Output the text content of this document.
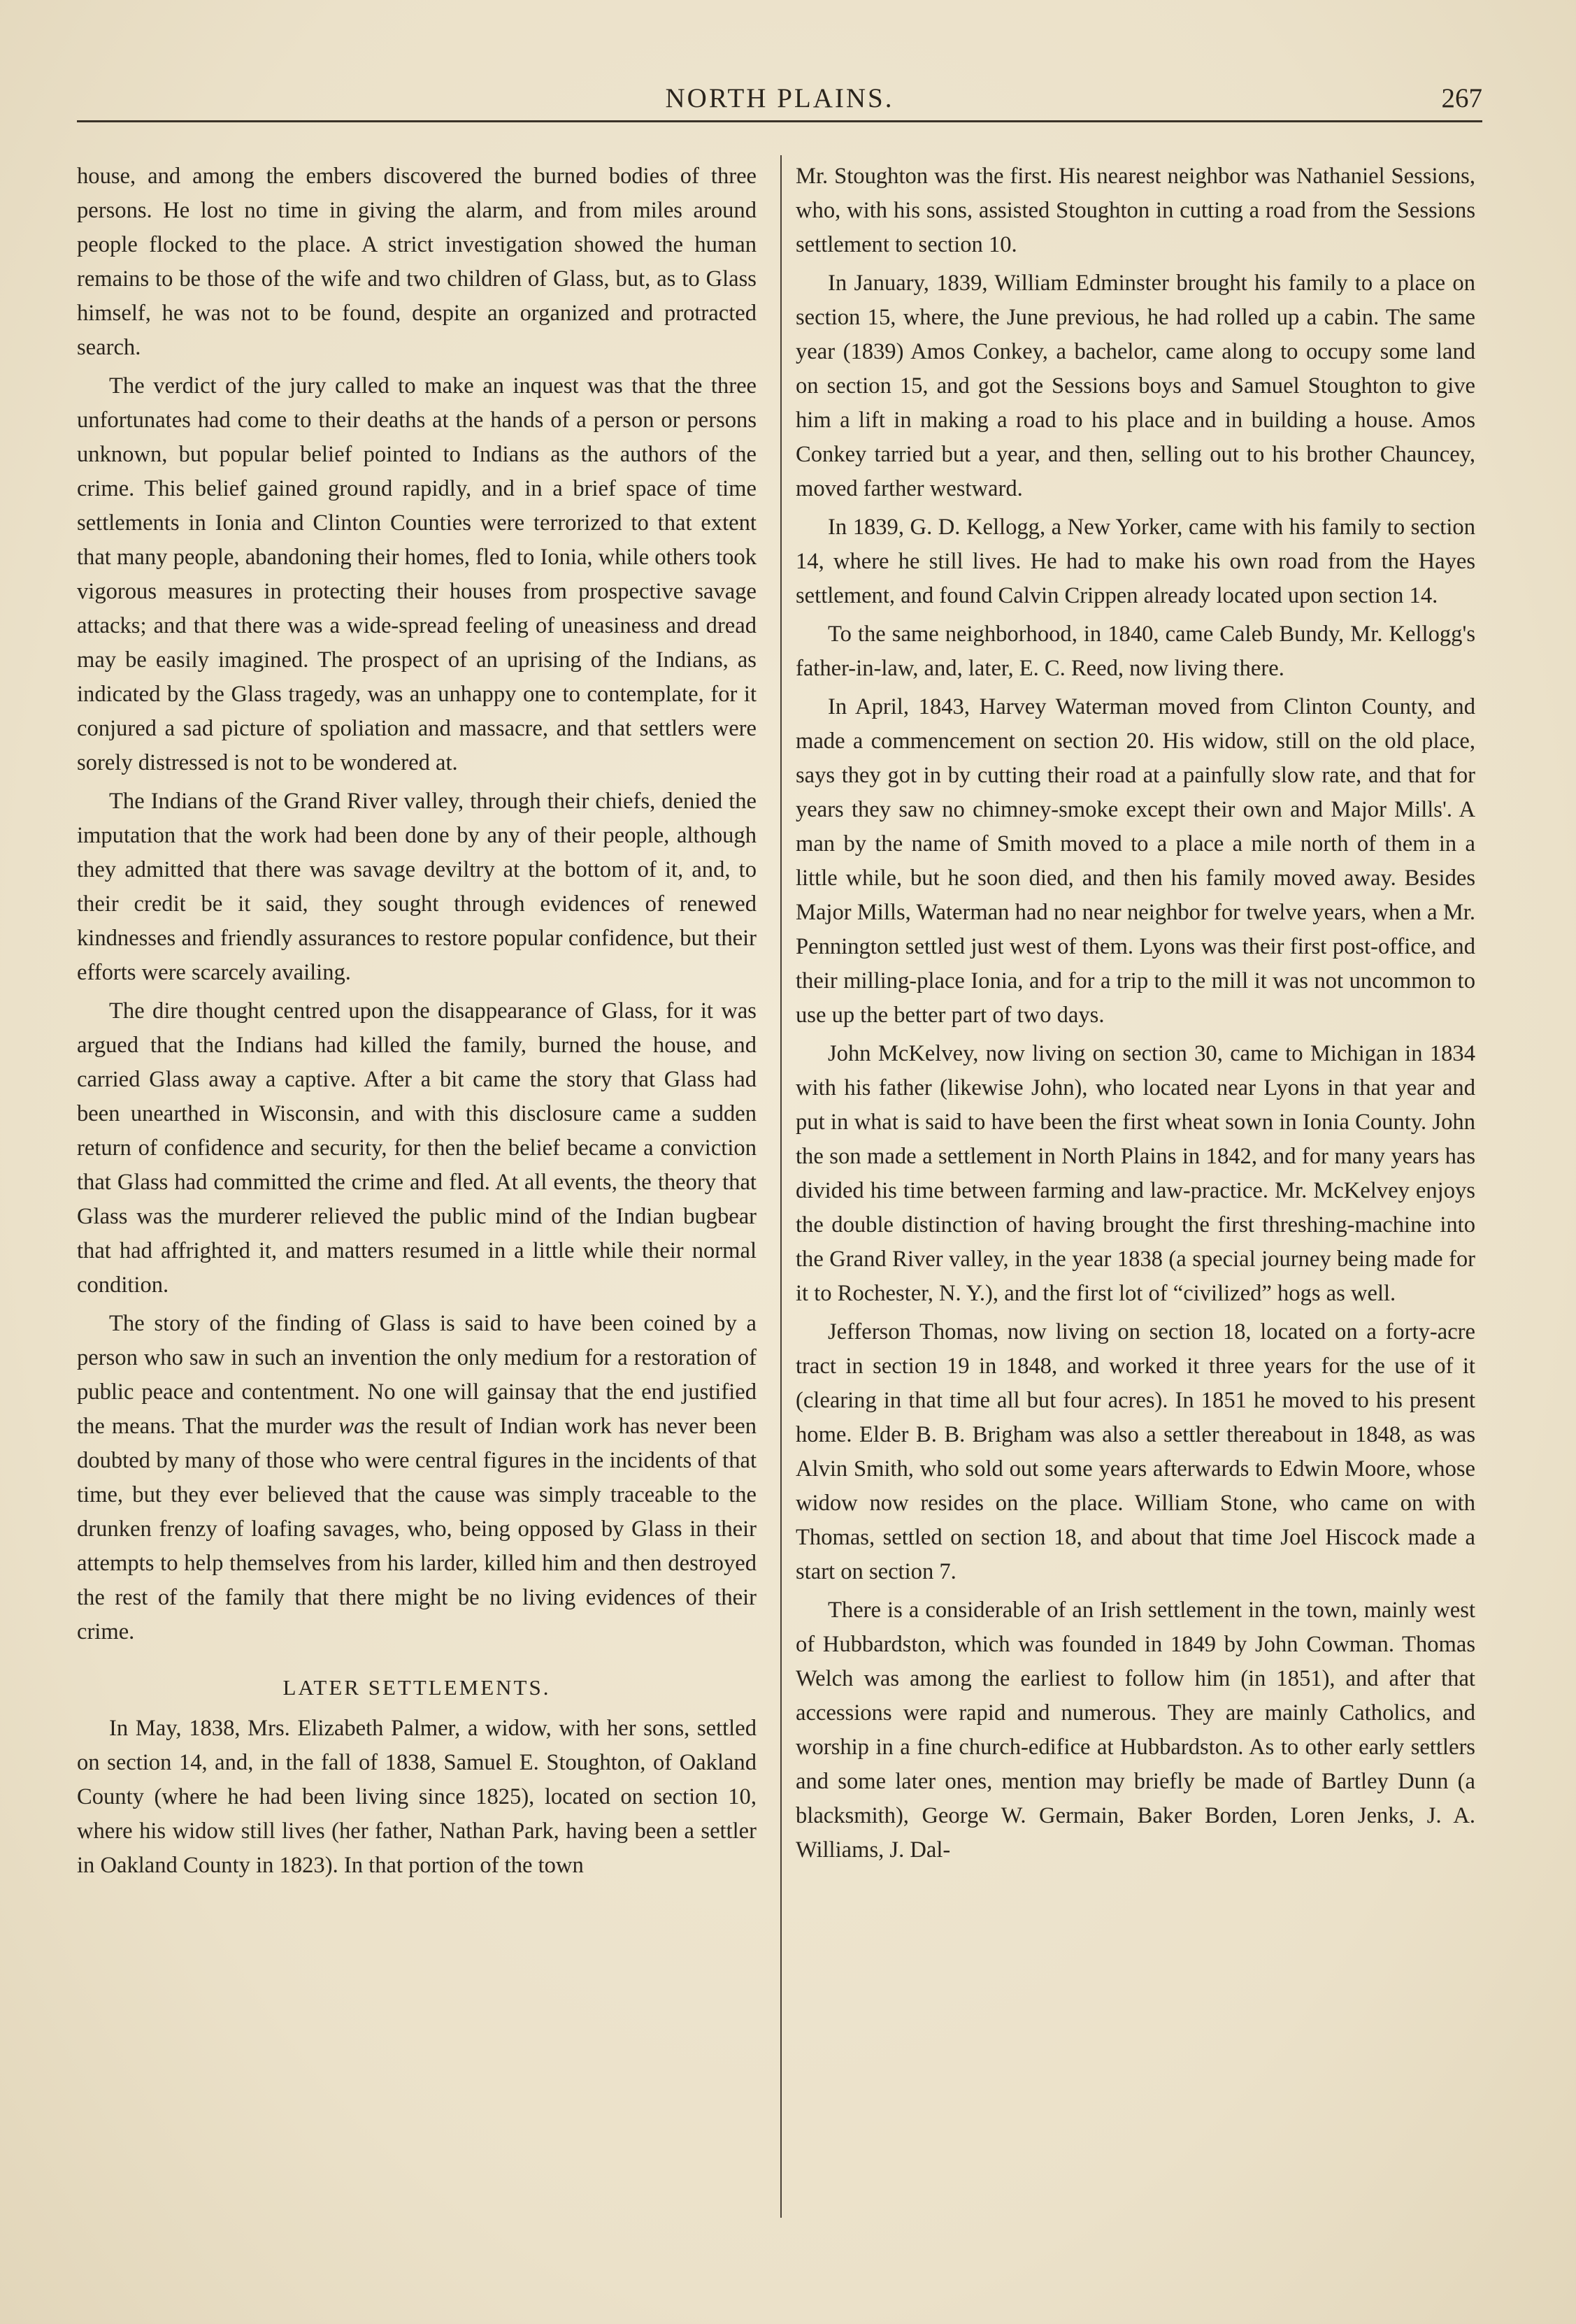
NORTH PLAINS.	267

house, and among the embers discovered the burned bodies of three persons. He lost no time in giving the alarm, and from miles around people flocked to the place. A strict investigation showed the human remains to be those of the wife and two children of Glass, but, as to Glass himself, he was not to be found, despite an organized and protracted search.

The verdict of the jury called to make an inquest was that the three unfortunates had come to their deaths at the hands of a person or persons unknown, but popular belief pointed to Indians as the authors of the crime. This belief gained ground rapidly, and in a brief space of time settlements in Ionia and Clinton Counties were terrorized to that extent that many people, abandoning their homes, fled to Ionia, while others took vigorous measures in protecting their houses from prospective savage attacks; and that there was a wide-spread feeling of uneasiness and dread may be easily imagined. The prospect of an uprising of the Indians, as indicated by the Glass tragedy, was an unhappy one to contemplate, for it conjured a sad picture of spoliation and massacre, and that settlers were sorely distressed is not to be wondered at.

The Indians of the Grand River valley, through their chiefs, denied the imputation that the work had been done by any of their people, although they admitted that there was savage deviltry at the bottom of it, and, to their credit be it said, they sought through evidences of renewed kindnesses and friendly assurances to restore popular confidence, but their efforts were scarcely availing.

The dire thought centred upon the disappearance of Glass, for it was argued that the Indians had killed the family, burned the house, and carried Glass away a captive. After a bit came the story that Glass had been unearthed in Wisconsin, and with this disclosure came a sudden return of confidence and security, for then the belief became a conviction that Glass had committed the crime and fled. At all events, the theory that Glass was the murderer relieved the public mind of the Indian bugbear that had affrighted it, and matters resumed in a little while their normal condition.

The story of the finding of Glass is said to have been coined by a person who saw in such an invention the only medium for a restoration of public peace and contentment. No one will gainsay that the end justified the means. That the murder was the result of Indian work has never been doubted by many of those who were central figures in the incidents of that time, but they ever believed that the cause was simply traceable to the drunken frenzy of loafing savages, who, being opposed by Glass in their attempts to help themselves from his larder, killed him and then destroyed the rest of the family that there might be no living evidences of their crime.

LATER SETTLEMENTS.

In May, 1838, Mrs. Elizabeth Palmer, a widow, with her sons, settled on section 14, and, in the fall of 1838, Samuel E. Stoughton, of Oakland County (where he had been living since 1825), located on section 10, where his widow still lives (her father, Nathan Park, having been a settler in Oakland County in 1823). In that portion of the town

Mr. Stoughton was the first. His nearest neighbor was Nathaniel Sessions, who, with his sons, assisted Stoughton in cutting a road from the Sessions settlement to section 10.

In January, 1839, William Edminster brought his family to a place on section 15, where, the June previous, he had rolled up a cabin. The same year (1839) Amos Conkey, a bachelor, came along to occupy some land on section 15, and got the Sessions boys and Samuel Stoughton to give him a lift in making a road to his place and in building a house. Amos Conkey tarried but a year, and then, selling out to his brother Chauncey, moved farther westward.

In 1839, G. D. Kellogg, a New Yorker, came with his family to section 14, where he still lives. He had to make his own road from the Hayes settlement, and found Calvin Crippen already located upon section 14.

To the same neighborhood, in 1840, came Caleb Bundy, Mr. Kellogg's father-in-law, and, later, E. C. Reed, now living there.

In April, 1843, Harvey Waterman moved from Clinton County, and made a commencement on section 20. His widow, still on the old place, says they got in by cutting their road at a painfully slow rate, and that for years they saw no chimney-smoke except their own and Major Mills'. A man by the name of Smith moved to a place a mile north of them in a little while, but he soon died, and then his family moved away. Besides Major Mills, Waterman had no near neighbor for twelve years, when a Mr. Pennington settled just west of them. Lyons was their first post-office, and their milling-place Ionia, and for a trip to the mill it was not uncommon to use up the better part of two days.

John McKelvey, now living on section 30, came to Michigan in 1834 with his father (likewise John), who located near Lyons in that year and put in what is said to have been the first wheat sown in Ionia County. John the son made a settlement in North Plains in 1842, and for many years has divided his time between farming and law-practice. Mr. McKelvey enjoys the double distinction of having brought the first threshing-machine into the Grand River valley, in the year 1838 (a special journey being made for it to Rochester, N. Y.), and the first lot of “civilized” hogs as well.

Jefferson Thomas, now living on section 18, located on a forty-acre tract in section 19 in 1848, and worked it three years for the use of it (clearing in that time all but four acres). In 1851 he moved to his present home. Elder B. B. Brigham was also a settler thereabout in 1848, as was Alvin Smith, who sold out some years afterwards to Edwin Moore, whose widow now resides on the place. William Stone, who came on with Thomas, settled on section 18, and about that time Joel Hiscock made a start on section 7.

There is a considerable of an Irish settlement in the town, mainly west of Hubbardston, which was founded in 1849 by John Cowman. Thomas Welch was among the earliest to follow him (in 1851), and after that accessions were rapid and numerous. They are mainly Catholics, and worship in a fine church-edifice at Hubbardston. As to other early settlers and some later ones, mention may briefly be made of Bartley Dunn (a blacksmith), George W. Germain, Baker Borden, Loren Jenks, J. A. Williams, J. Dal-
